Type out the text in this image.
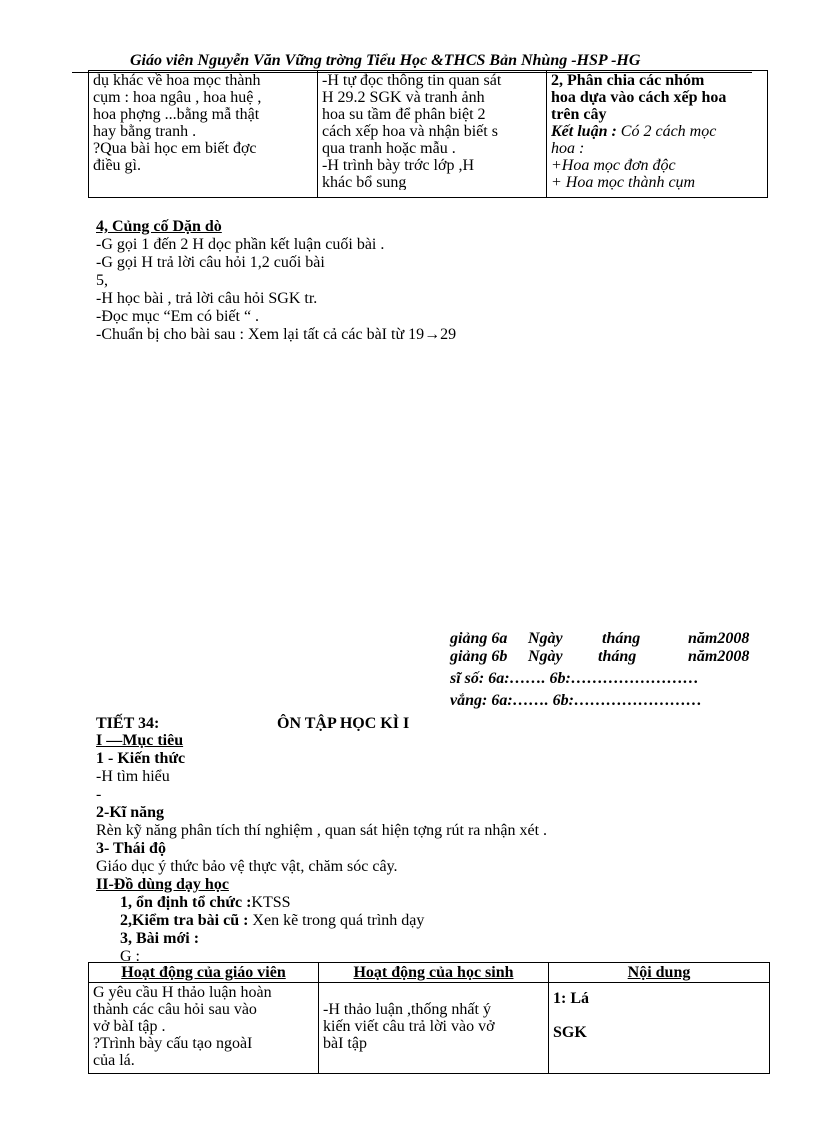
Giáo viên Nguyễn Văn Vững trờng Tiểu Học &THCS Bản Nhùng -HSP -HG
dụ khác về hoa mọc thành
cụm : hoa ngâu , hoa huệ ,
hoa phợng ...bằng mẫ thật
hay bằng tranh .
?Qua bài học em biết đợc
điều gì.

-H tự đọc thông tin quan sát
H 29.2 SGK và tranh ảnh
hoa su tầm để phân biệt 2
cách xếp hoa và nhận biết s
qua tranh hoặc mẫu .
-H trình bày trớc lớp ,H
khác bổ sung

2, Phân chia các nhóm
hoa dựa vào cách xếp hoa
trên cây
Kết luận : Có 2 cách mọc
hoa :
+Hoa mọc đơn độc
+ Hoa mọc thành cụm
4, Củng cố Dặn dò
-G gọi 1 đến 2 H dọc phần kết luận cuối bài .
-G gọi H trả lời câu hỏi 1,2 cuối bài
5,
-H học bài , trả lời câu hỏi SGK tr.
-Đọc mục “Em có biết “ .
-Chuẩn bị cho bài sau : Xem lại tất cả các bàI từ 19→29
giảng 6a Ngày tháng	năm2008
giảng 6b Ngày tháng	năm2008
sĩ số: 6a:……. 6b:……………………
vắng: 6a:……. 6b:……………………
TIẾT 34:	ÔN TẬP HỌC KÌ I
I —Mục tiêu
1 - Kiến thức
-H tìm hiểu
-
2-Kĩ năng
Rèn kỹ năng phân tích thí nghiệm , quan sát hiện tợng rút ra nhận xét .
3- Thái độ
Giáo dục ý thức bảo vệ thực vật, chăm sóc cây.
II-Đồ dùng dạy học
1, ổn định tổ chức :KTSS
2,Kiểm tra bài cũ : Xen kẽ trong quá trình dạy
3, Bài mới :
G :
Hoạt động của giáo viên	Hoạt động của học sinh	Nội dung

G yêu cầu H thảo luận hoàn
thành các câu hỏi sau vào
vở bàI tập .
?Trình bày cấu tạo ngoàI
của lá.	-H thảo luận ,thống nhất ý
kiến viết câu trả lời vào vở
bàI tập	1: Lá
SGK
